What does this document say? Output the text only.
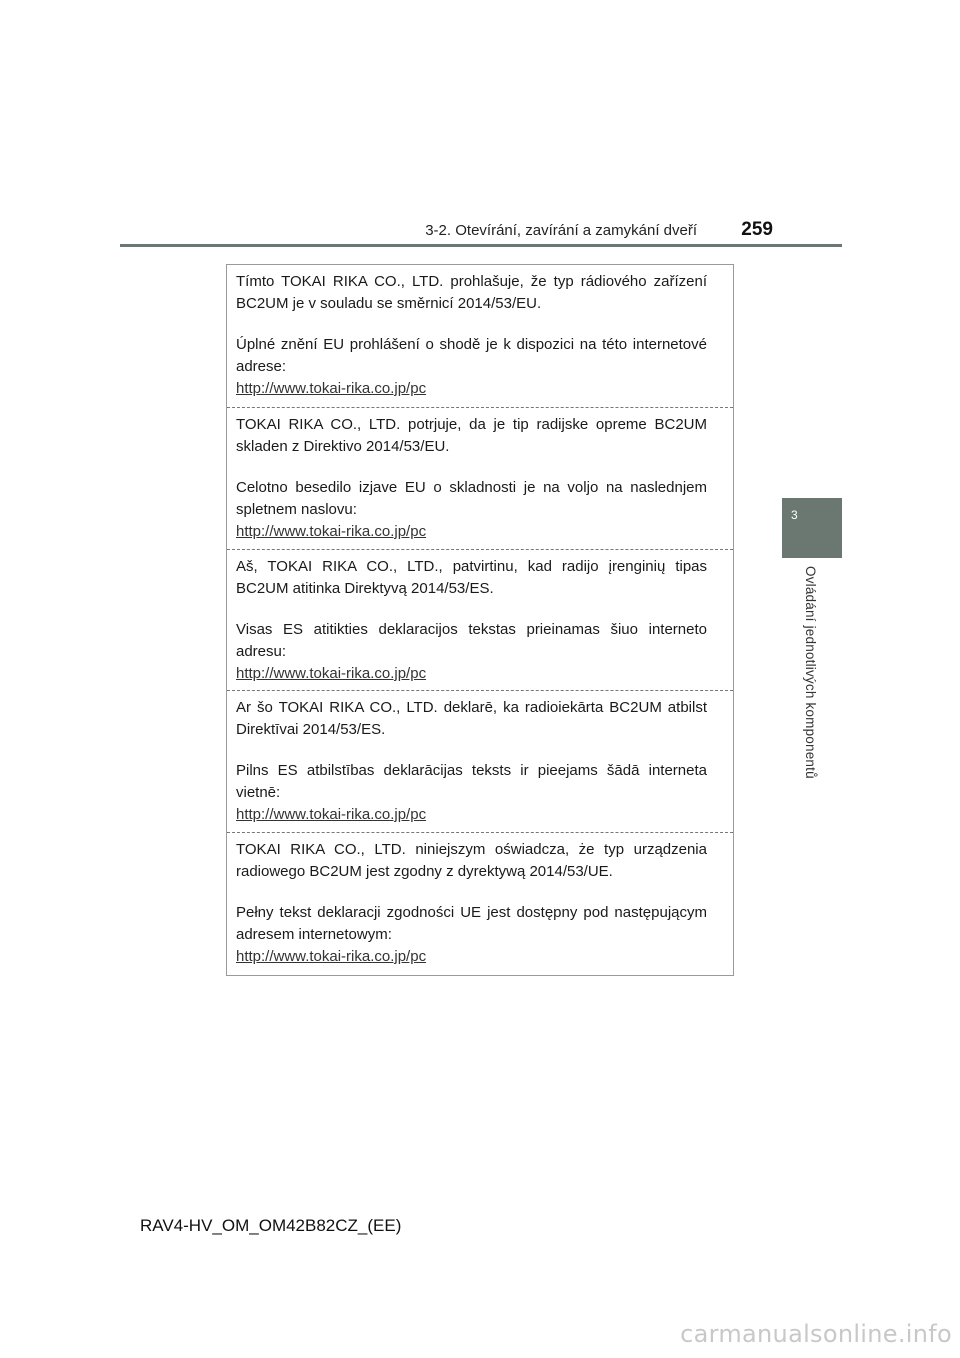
3-2. Otevírání, zavírání a zamykání dveří 259
3
Ovládání jednotlivých komponentů

Tímto TOKAI RIKA CO., LTD. prohlašuje, že typ rádiového zařízení BC2UM je v souladu se směrnicí 2014/53/EU.

Úplné znění EU prohlášení o shodě je k dispozici na této internetové adrese:

http://www.tokai-rika.co.jp/pc

TOKAI RIKA CO., LTD. potrjuje, da je tip radijske opreme BC2UM skladen z Direktivo 2014/53/EU.

Celotno besedilo izjave EU o skladnosti je na voljo na naslednjem spletnem naslovu:

http://www.tokai-rika.co.jp/pc

Aš, TOKAI RIKA CO., LTD., patvirtinu, kad radijo įrenginių tipas BC2UM atitinka Direktyvą 2014/53/ES.

Visas ES atitikties deklaracijos tekstas prieinamas šiuo interneto adresu:

http://www.tokai-rika.co.jp/pc

Ar šo TOKAI RIKA CO., LTD. deklarē, ka radioiekārta BC2UM atbilst Direktīvai 2014/53/ES.

Pilns ES atbilstības deklarācijas teksts ir pieejams šādā interneta vietnē:

http://www.tokai-rika.co.jp/pc

TOKAI RIKA CO., LTD. niniejszym oświadcza, że typ urządzenia radiowego BC2UM jest zgodny z dyrektywą 2014/53/UE.

Pełny tekst deklaracji zgodności UE jest dostępny pod następującym adresem internetowym:

http://www.tokai-rika.co.jp/pc
RAV4-HV_OM_OM42B82CZ_(EE)
carmanualsonline.info
